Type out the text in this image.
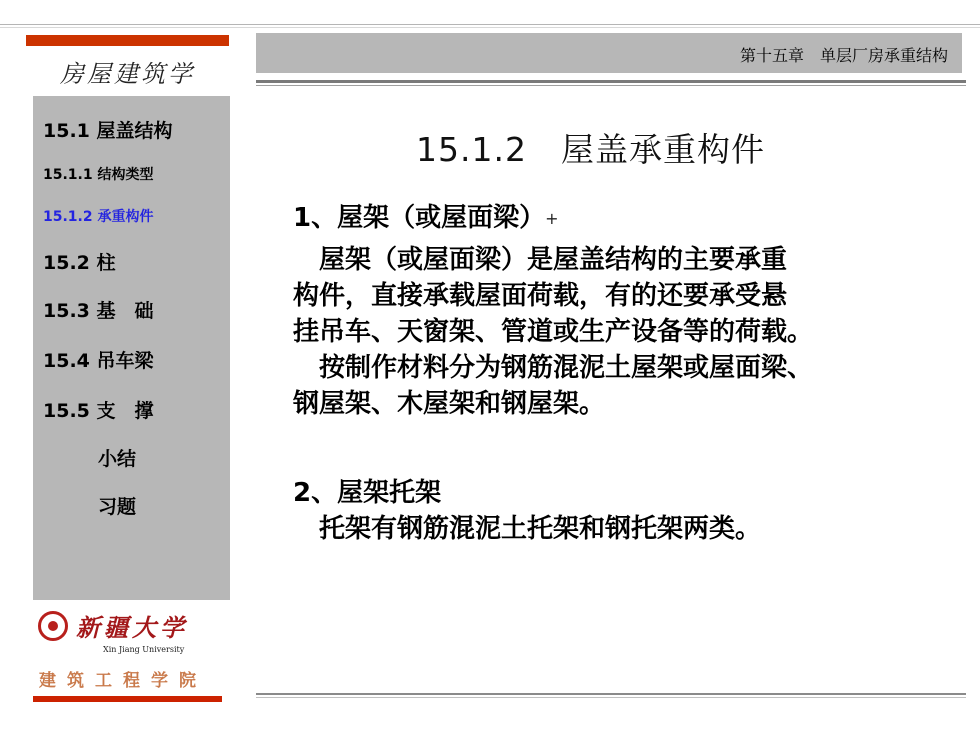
房屋建筑学
15.1 屋盖结构
15.1.1 结构类型
15.1.2 承重构件
15.2 柱
15.3 基　础
15.4 吊车梁
15.5 支　撑
小结
习题
新疆大学
Xin Jiang University
建筑工程学院
第十五章　单层厂房承重结构
15.1.2　屋盖承重构件
1、屋架（或屋面梁）+
　屋架（或屋面梁）是屋盖结构的主要承重
构件，直接承载屋面荷载，有的还要承受悬
挂吊车、天窗架、管道或生产设备等的荷载。
　按制作材料分为钢筋混泥土屋架或屋面梁、
钢屋架、木屋架和钢屋架。
2、屋架托架
　托架有钢筋混泥土托架和钢托架两类。
